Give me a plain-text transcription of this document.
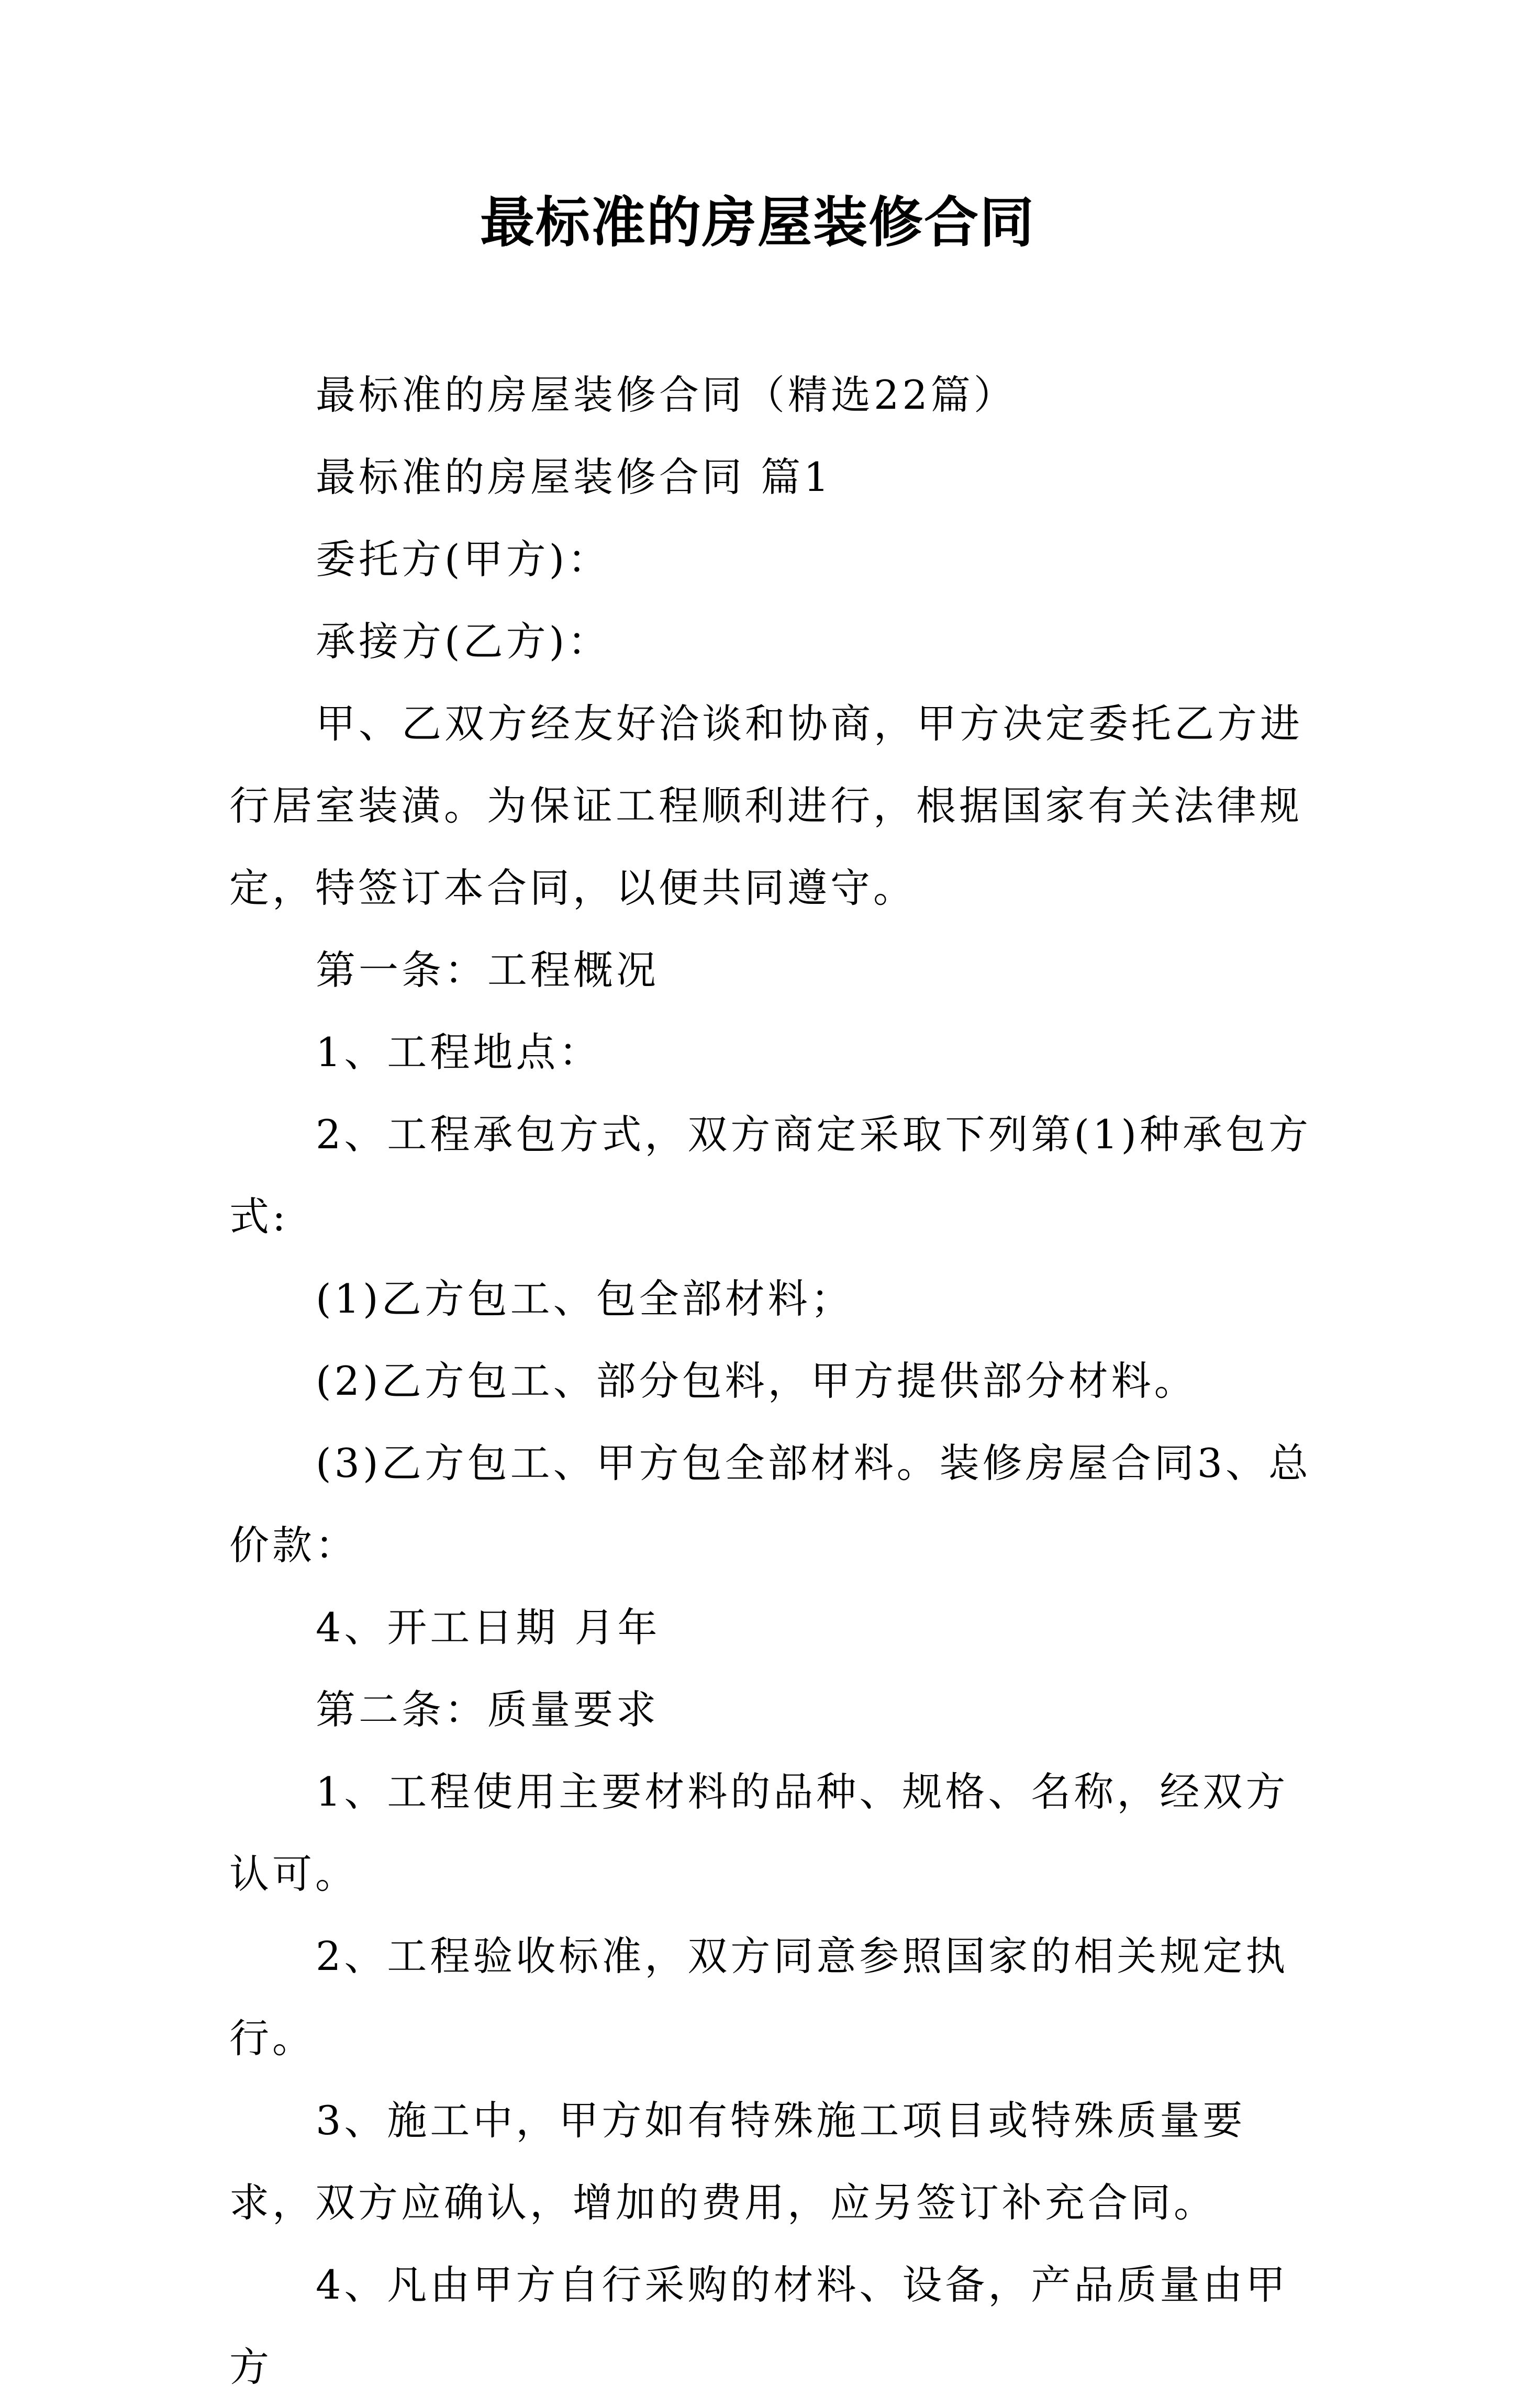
最标准的房屋装修合同

最标准的房屋装修合同（精选22篇）

最标准的房屋装修合同 篇1

委托方(甲方)：

承接方(乙方)：

甲、乙双方经友好洽谈和协商，甲方决定委托乙方进行居室装潢。为保证工程顺利进行，根据国家有关法律规定，特签订本合同，以便共同遵守。

第一条：工程概况

1、工程地点：

2、工程承包方式，双方商定采取下列第(1)种承包方式:

(1)乙方包工、包全部材料；

(2)乙方包工、部分包料，甲方提供部分材料。

(3)乙方包工、甲方包全部材料。装修房屋合同3、总价款：

4、开工日期 月年

第二条：质量要求

1、工程使用主要材料的品种、规格、名称，经双方认可。

2、工程验收标准，双方同意参照国家的相关规定执行。

3、施工中，甲方如有特殊施工项目或特殊质量要求，双方应确认，增加的费用，应另签订补充合同。

4、凡由甲方自行采购的材料、设备，产品质量由甲方
